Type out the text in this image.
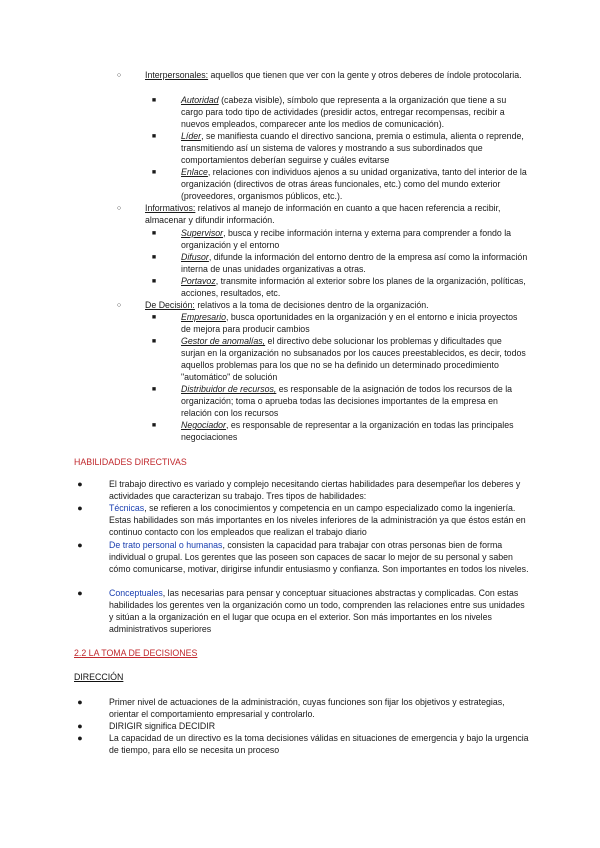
○	Interpersonales: aquellos que tienen que ver con la gente y otros deberes de índole protocolaria.
■	Autoridad (cabeza visible), símbolo que representa a la organización que tiene a su cargo para todo tipo de actividades (presidir actos, entregar recompensas, recibir a nuevos empleados, comparecer ante los medios de comunicación).
■	Líder, se manifiesta cuando el directivo sanciona, premia o estimula, alienta o reprende, transmitiendo así un sistema de valores y mostrando a sus subordinados que comportamientos deberían seguirse y cuáles evitarse
■	Enlace, relaciones con individuos ajenos a su unidad organizativa, tanto del interior de la organización (directivos de otras áreas funcionales, etc.) como del mundo exterior (proveedores, organismos públicos, etc.).
○	Informativos: relativos al manejo de información en cuanto a que hacen referencia a recibir, almacenar y difundir información.
■	Supervisor, busca y recibe información interna y externa para comprender a fondo la organización y el entorno
■	Difusor, difunde la información del entorno dentro de la empresa así como la información interna de unas unidades organizativas a otras.
■	Portavoz, transmite información al exterior sobre los planes de la organización, políticas, acciones, resultados, etc.
○	De Decisión: relativos a la toma de decisiones dentro de la organización.
■	Empresario, busca oportunidades en la organización y en el entorno e inicia proyectos de mejora para producir cambios
■	Gestor de anomalías, el directivo debe solucionar los problemas y dificultades que surjan en la organización no subsanados por los cauces preestablecidos, es decir, todos aquellos problemas para los que no se ha definido un determinado procedimiento "automático" de solución
■	Distribuidor de recursos, es responsable de la asignación de todos los recursos de la organización; toma o aprueba todas las decisiones importantes de la empresa en relación con los recursos
■	Negociador, es responsable de representar a la organización en todas las principales negociaciones
HABILIDADES DIRECTIVAS
●	El trabajo directivo es variado y complejo necesitando ciertas habilidades para desempeñar los deberes y actividades que caracterizan su trabajo. Tres tipos de habilidades:
●	Técnicas, se refieren a los conocimientos y competencia en un campo especializado como la ingeniería. Estas habilidades son más importantes en los niveles inferiores de la administración ya que éstos están en continuo contacto con los empleados que realizan el trabajo diario
●	De trato personal o humanas, consisten la capacidad para trabajar con otras personas bien de forma individual o grupal. Los gerentes que las poseen son capaces de sacar lo mejor de su personal y saben cómo comunicarse, motivar, dirigirse infundir entusiasmo y confianza. Son importantes en todos los niveles.
●	Conceptuales, las necesarias para pensar y conceptuar situaciones abstractas y complicadas. Con estas habilidades los gerentes ven la organización como un todo, comprenden las relaciones entre sus unidades y sitúan a la organización en el lugar que ocupa en el exterior. Son más importantes en los niveles administrativos superiores
2.2 LA TOMA DE DECISIONES
DIRECCIÓN
●	Primer nivel de actuaciones de la administración, cuyas funciones son fijar los objetivos y estrategias, orientar el comportamiento empresarial y controlarlo.
●	DIRIGIR significa DECIDIR
●	La capacidad de un directivo es la toma decisiones válidas en situaciones de emergencia y bajo la urgencia de tiempo, para ello se necesita un proceso
